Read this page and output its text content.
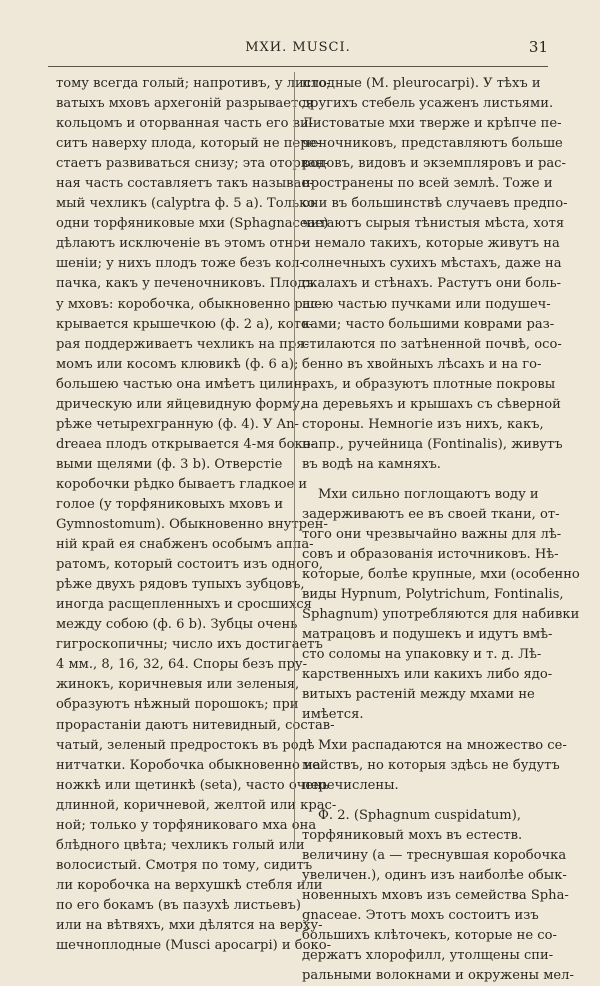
МХИ. MUSCI.	31
тому всегда голый; напротивъ, у листо-
ватыхъ мховъ архегоній разрывается
кольцомъ и оторванная часть его ви-
ситъ наверху плода, который не пере-
стаетъ развиваться снизу; эта оторван-
ная часть составляетъ такъ называе-
мый чехликъ (calyptra ф. 5 а). Только
одни торфяниковые мхи (Sphagnaceae)
дѣлаютъ исключеніе въ этомъ отно-
шеніи; у нихъ плодъ тоже безъ кол-
пачка, какъ у печеночниковъ. Плодъ
у мховъ: коробочка, обыкновенно рас-
крывается крышечкою (ф. 2 а), кото-
рая поддерживаетъ чехликъ на пря-
момъ или косомъ клювикѣ (ф. 6 а);
большею частью она имѣетъ цилин-
дрическую или яйцевидную форму,
рѣже четырехгранную (ф. 4). У An-
dreaea плодъ открывается 4-мя боко-
выми щелями (ф. 3 b). Отверстіе
коробочки рѣдко бываетъ гладкое и
голое (у торфяниковыхъ мховъ и
Gymnostomum). Обыкновенно внутрен-
ній край ея снабженъ особымъ аппа-
ратомъ, который состоитъ изъ одного,
рѣже двухъ рядовъ тупыхъ зубцовъ,
иногда расщепленныхъ и сросшихся
между собою (ф. 6 b). Зубцы очень
гигроскопичны; число ихъ достигаетъ
4 мм., 8, 16, 32, 64. Споры безъ пру-
жинокъ, коричневыя или зеленыя,
образуютъ нѣжный порошокъ; при
прорастаніи даютъ нитевидный, состав-
чатый, зеленый предростокъ въ родѣ
нитчатки. Коробочка обыкновенно на
ножкѣ или щетинкѣ (seta), часто очень
длинной, коричневой, желтой или крас-
ной; только у торфяниковаго мха она
блѣдного цвѣта; чехликъ голый или
волосистый. Смотря по тому, сидитъ
ли коробочка на верхушкѣ стебля или
по его бокамъ (въ пазухѣ листьевъ)
или на вѣтвяхъ, мхи дѣлятся на верху-
шечноплодные (Musci apocarpi) и боко-
плодные (M. pleurocarpi). У тѣхъ и
другихъ стебель усаженъ листьями.
Листоватые мхи тверже и крѣпче пе-
ченочниковъ, представляютъ больше
родовъ, видовъ и экземпляровъ и рас-
пространены по всей землѣ. Тоже и
они въ большинствѣ случаевъ предпо-
читаютъ сырыя тѣнистыя мѣста, хотя
и немало такихъ, которые живутъ на
солнечныхъ сухихъ мѣстахъ, даже на
скалахъ и стѣнахъ. Растутъ они боль-
шею частью пучками или подушеч-
ками; часто большими коврами раз-
стилаются по затѣненной почвѣ, осо-
бенно въ хвойныхъ лѣсахъ и на го-
рахъ, и образуютъ плотные покровы
на деревьяхъ и крышахъ съ сѣверной
стороны. Немногіе изъ нихъ, какъ,
напр., ручейница (Fontinalis), живутъ
въ водѣ на камняхъ.
Мхи сильно поглощаютъ воду и
задерживаютъ ее въ своей ткани, от-
того они чрезвычайно важны для лѣ-
совъ и образованія источниковъ. Нѣ-
которые, болѣе крупные, мхи (особенно
виды Hypnum, Polytrichum, Fontinalis,
Sphagnum) употребляются для набивки
матрацовъ и подушекъ и идутъ вмѣ-
сто соломы на упаковку и т. д. Лѣ-
карственныхъ или какихъ либо ядо-
витыхъ растеній между мхами не
имѣется.
Мхи распадаются на множество се-
мействъ, но которыя здѣсь не будутъ
перечислены.
Ф. 2. (Sphagnum cuspidatum),
торфяниковый мохъ въ естеств.
величину (а — треснувшая коробочка
увеличен.), одинъ изъ наиболѣе обык-
новенныхъ мховъ изъ семейства Spha-
gnaceae. Этотъ мохъ состоитъ изъ
большихъ клѣточекъ, которые не со-
держатъ хлорофилл, утолщены спи-
ральными волокнами и окружены мел-
